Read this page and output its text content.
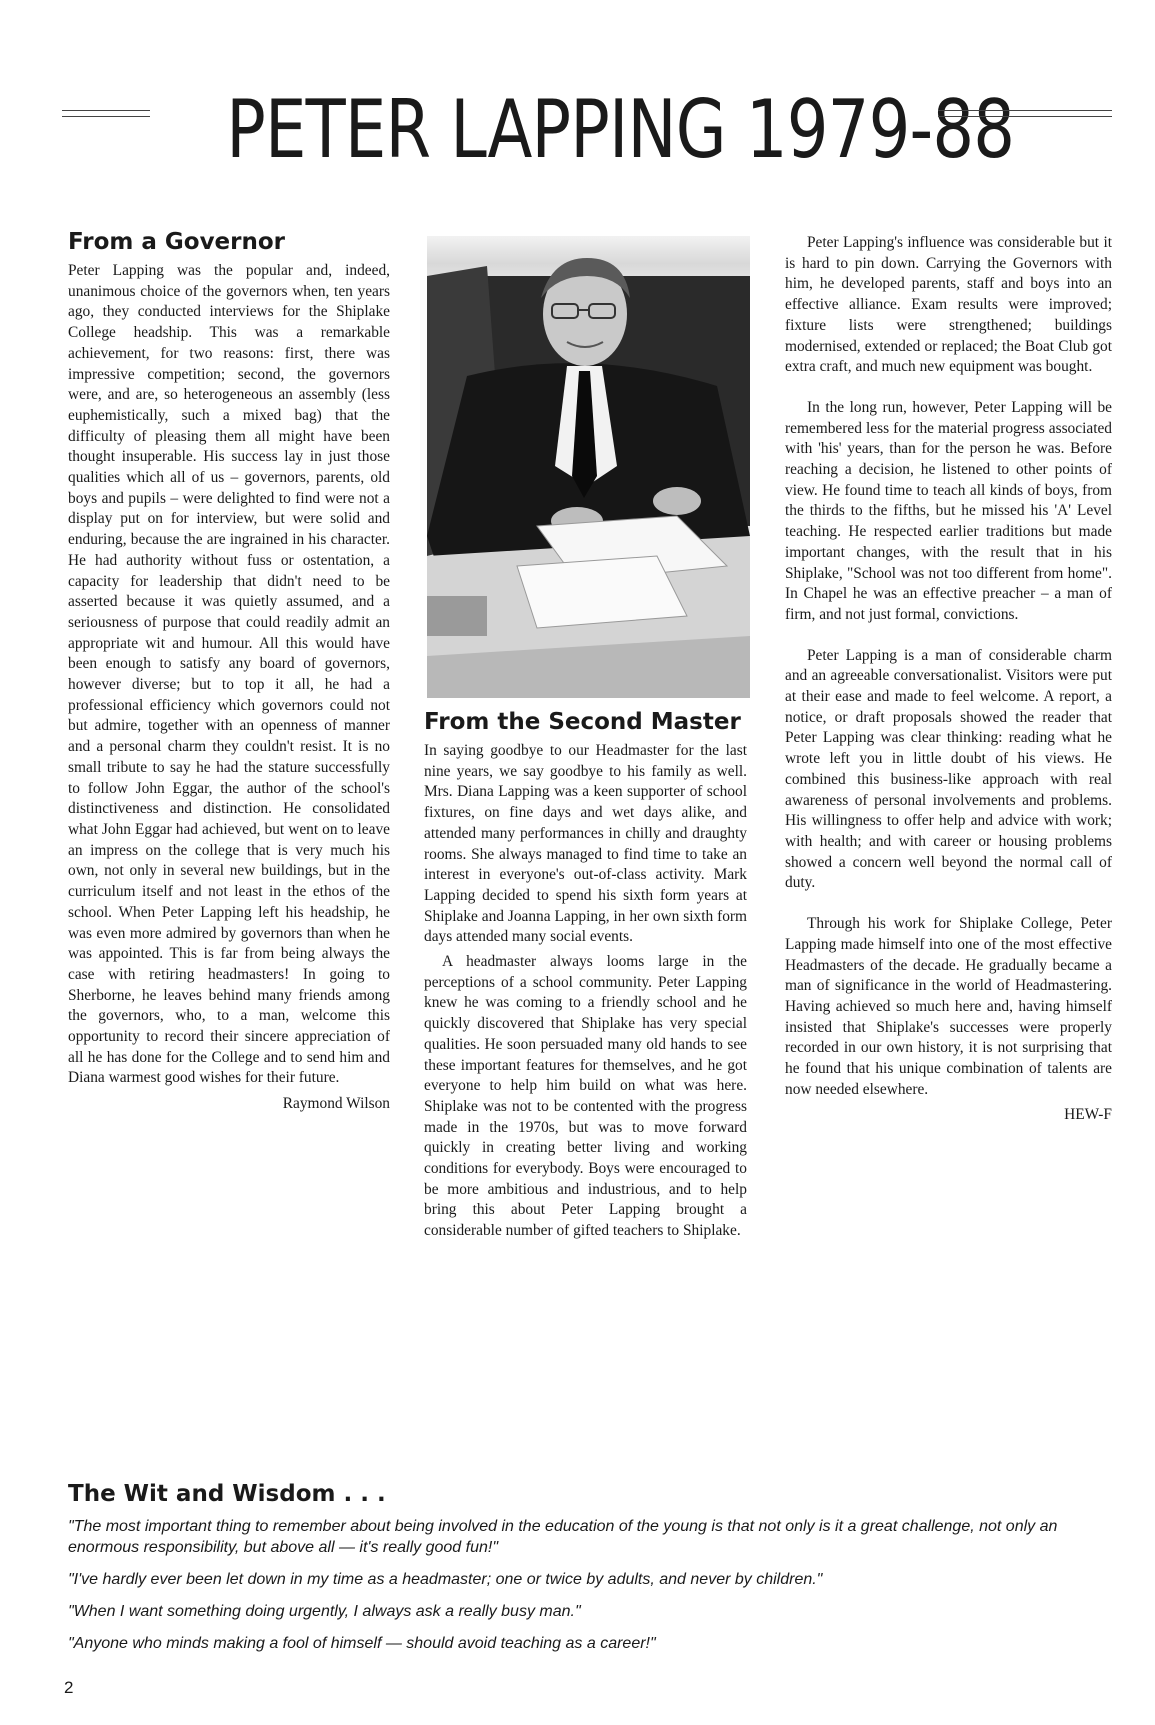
PETER LAPPING 1979-88
From a Governor

Peter Lapping was the popular and, indeed, unanimous choice of the governors when, ten years ago, they conducted interviews for the Shiplake College headship. This was a remarkable achievement, for two reasons: first, there was impressive competition; second, the governors were, and are, so heterogeneous an assembly (less euphemistically, such a mixed bag) that the difficulty of pleasing them all might have been thought insuperable. His success lay in just those qualities which all of us – governors, parents, old boys and pupils – were delighted to find were not a display put on for interview, but were solid and enduring, because the are ingrained in his character. He had authority without fuss or ostentation, a capacity for leadership that didn't need to be asserted because it was quietly assumed, and a seriousness of purpose that could readily admit an appropriate wit and humour. All this would have been enough to satisfy any board of governors, however diverse; but to top it all, he had a professional efficiency which governors could not but admire, together with an openness of manner and a personal charm they couldn't resist. It is no small tribute to say he had the stature successfully to follow John Eggar, the author of the school's distinctiveness and distinction. He consolidated what John Eggar had achieved, but went on to leave an impress on the college that is very much his own, not only in several new buildings, but in the curriculum itself and not least in the ethos of the school. When Peter Lapping left his headship, he was even more admired by governors than when he was appointed. This is far from being always the case with retiring headmasters! In going to Sherborne, he leaves behind many friends among the governors, who, to a man, welcome this opportunity to record their sincere appreciation of all he has done for the College and to send him and Diana warmest good wishes for their future.

Raymond Wilson
From the Second Master

In saying goodbye to our Headmaster for the last nine years, we say goodbye to his family as well. Mrs. Diana Lapping was a keen supporter of school fixtures, on fine days and wet days alike, and attended many performances in chilly and draughty rooms. She always managed to find time to take an interest in everyone's out-of-class activity. Mark Lapping decided to spend his sixth form years at Shiplake and Joanna Lapping, in her own sixth form days attended many social events.

A headmaster always looms large in the perceptions of a school community. Peter Lapping knew he was coming to a friendly school and he quickly discovered that Shiplake has very special qualities. He soon persuaded many old hands to see these important features for themselves, and he got everyone to help him build on what was here. Shiplake was not to be contented with the progress made in the 1970s, but was to move forward quickly in creating better living and working conditions for everybody. Boys were encouraged to be more ambitious and industrious, and to help bring this about Peter Lapping brought a considerable number of gifted teachers to Shiplake.

Peter Lapping's influence was considerable but it is hard to pin down. Carrying the Governors with him, he developed parents, staff and boys into an effective alliance. Exam results were improved; fixture lists were strengthened; buildings modernised, extended or replaced; the Boat Club got extra craft, and much new equipment was bought.

In the long run, however, Peter Lapping will be remembered less for the material progress associated with 'his' years, than for the person he was. Before reaching a decision, he listened to other points of view. He found time to teach all kinds of boys, from the thirds to the fifths, but he missed his 'A' Level teaching. He respected earlier traditions but made important changes, with the result that in his Shiplake, "School was not too different from home". In Chapel he was an effective preacher – a man of firm, and not just formal, convictions.

Peter Lapping is a man of considerable charm and an agreeable conversationalist. Visitors were put at their ease and made to feel welcome. A report, a notice, or draft proposals showed the reader that Peter Lapping was clear thinking: reading what he wrote left you in little doubt of his views. He combined this business-like approach with real awareness of personal involvements and problems. His willingness to offer help and advice with work; with health; and with career or housing problems showed a concern well beyond the normal call of duty.

Through his work for Shiplake College, Peter Lapping made himself into one of the most effective Headmasters of the decade. He gradually became a man of significance in the world of Headmastering. Having achieved so much here and, having himself insisted that Shiplake's successes were properly recorded in our own history, it is not surprising that he found that his unique combination of talents are now needed elsewhere.

HEW-F
The Wit and Wisdom . . .

"The most important thing to remember about being involved in the education of the young is that not only is it a great challenge, not only an enormous responsibility, but above all — it's really good fun!"

"I've hardly ever been let down in my time as a headmaster; one or twice by adults, and never by children."

"When I want something doing urgently, I always ask a really busy man."

"Anyone who minds making a fool of himself — should avoid teaching as a career!"

2
